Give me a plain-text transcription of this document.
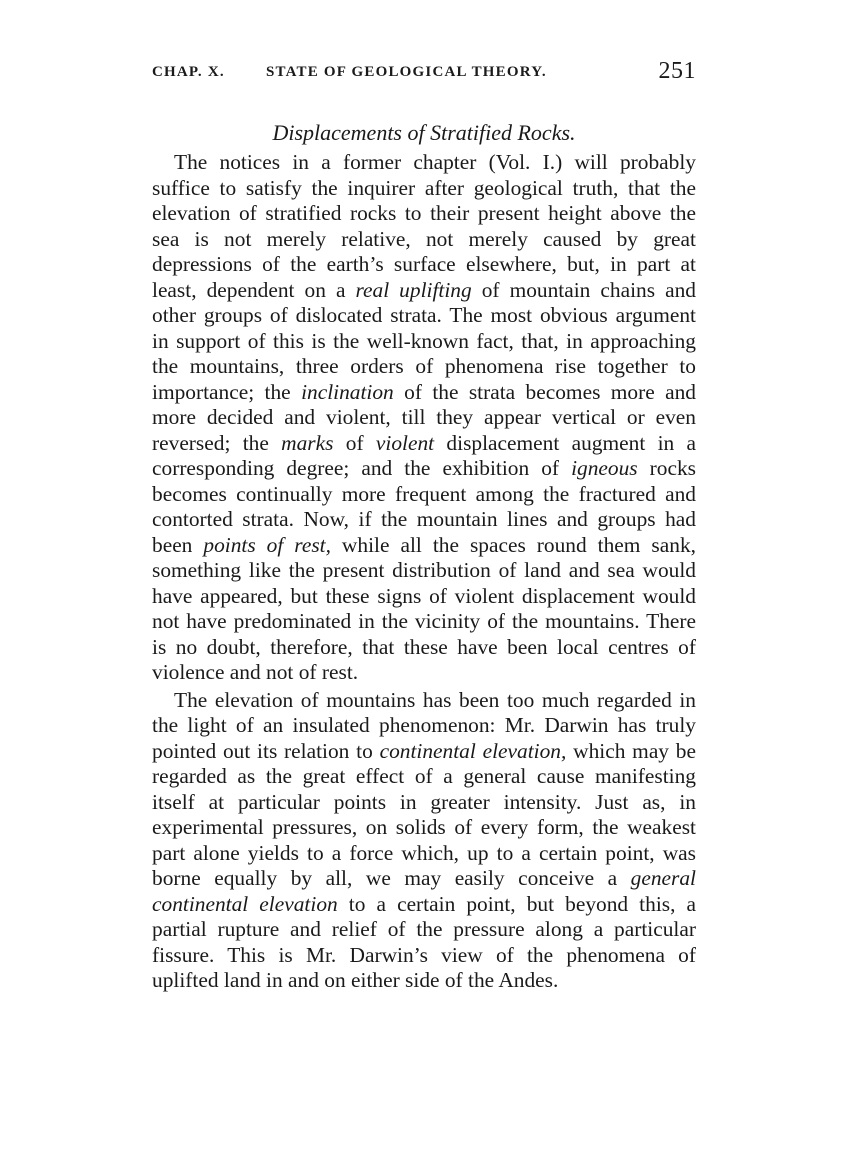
CHAP. X.	STATE OF GEOLOGICAL THEORY.	251
Displacements of Stratified Rocks.

The notices in a former chapter (Vol. I.) will probably suffice to satisfy the inquirer after geological truth, that the elevation of stratified rocks to their present height above the sea is not merely relative, not merely caused by great depressions of the earth’s surface elsewhere, but, in part at least, dependent on a real uplifting of mountain chains and other groups of dislocated strata. The most obvious argument in support of this is the well-known fact, that, in approaching the mountains, three orders of phenomena rise together to importance; the inclination of the strata becomes more and more decided and violent, till they appear vertical or even reversed; the marks of violent displacement augment in a corresponding degree; and the exhibition of igneous rocks becomes continually more frequent among the fractured and contorted strata. Now, if the mountain lines and groups had been points of rest, while all the spaces round them sank, something like the present distribution of land and sea would have appeared, but these signs of violent displacement would not have predominated in the vicinity of the mountains. There is no doubt, therefore, that these have been local centres of violence and not of rest.

The elevation of mountains has been too much regarded in the light of an insulated phenomenon: Mr. Darwin has truly pointed out its relation to continental elevation, which may be regarded as the great effect of a general cause manifesting itself at particular points in greater intensity. Just as, in experimental pressures, on solids of every form, the weakest part alone yields to a force which, up to a certain point, was borne equally by all, we may easily conceive a general continental elevation to a certain point, but beyond this, a partial rupture and relief of the pressure along a particular fissure. This is Mr. Darwin’s view of the phenomena of uplifted land in and on either side of the Andes.
